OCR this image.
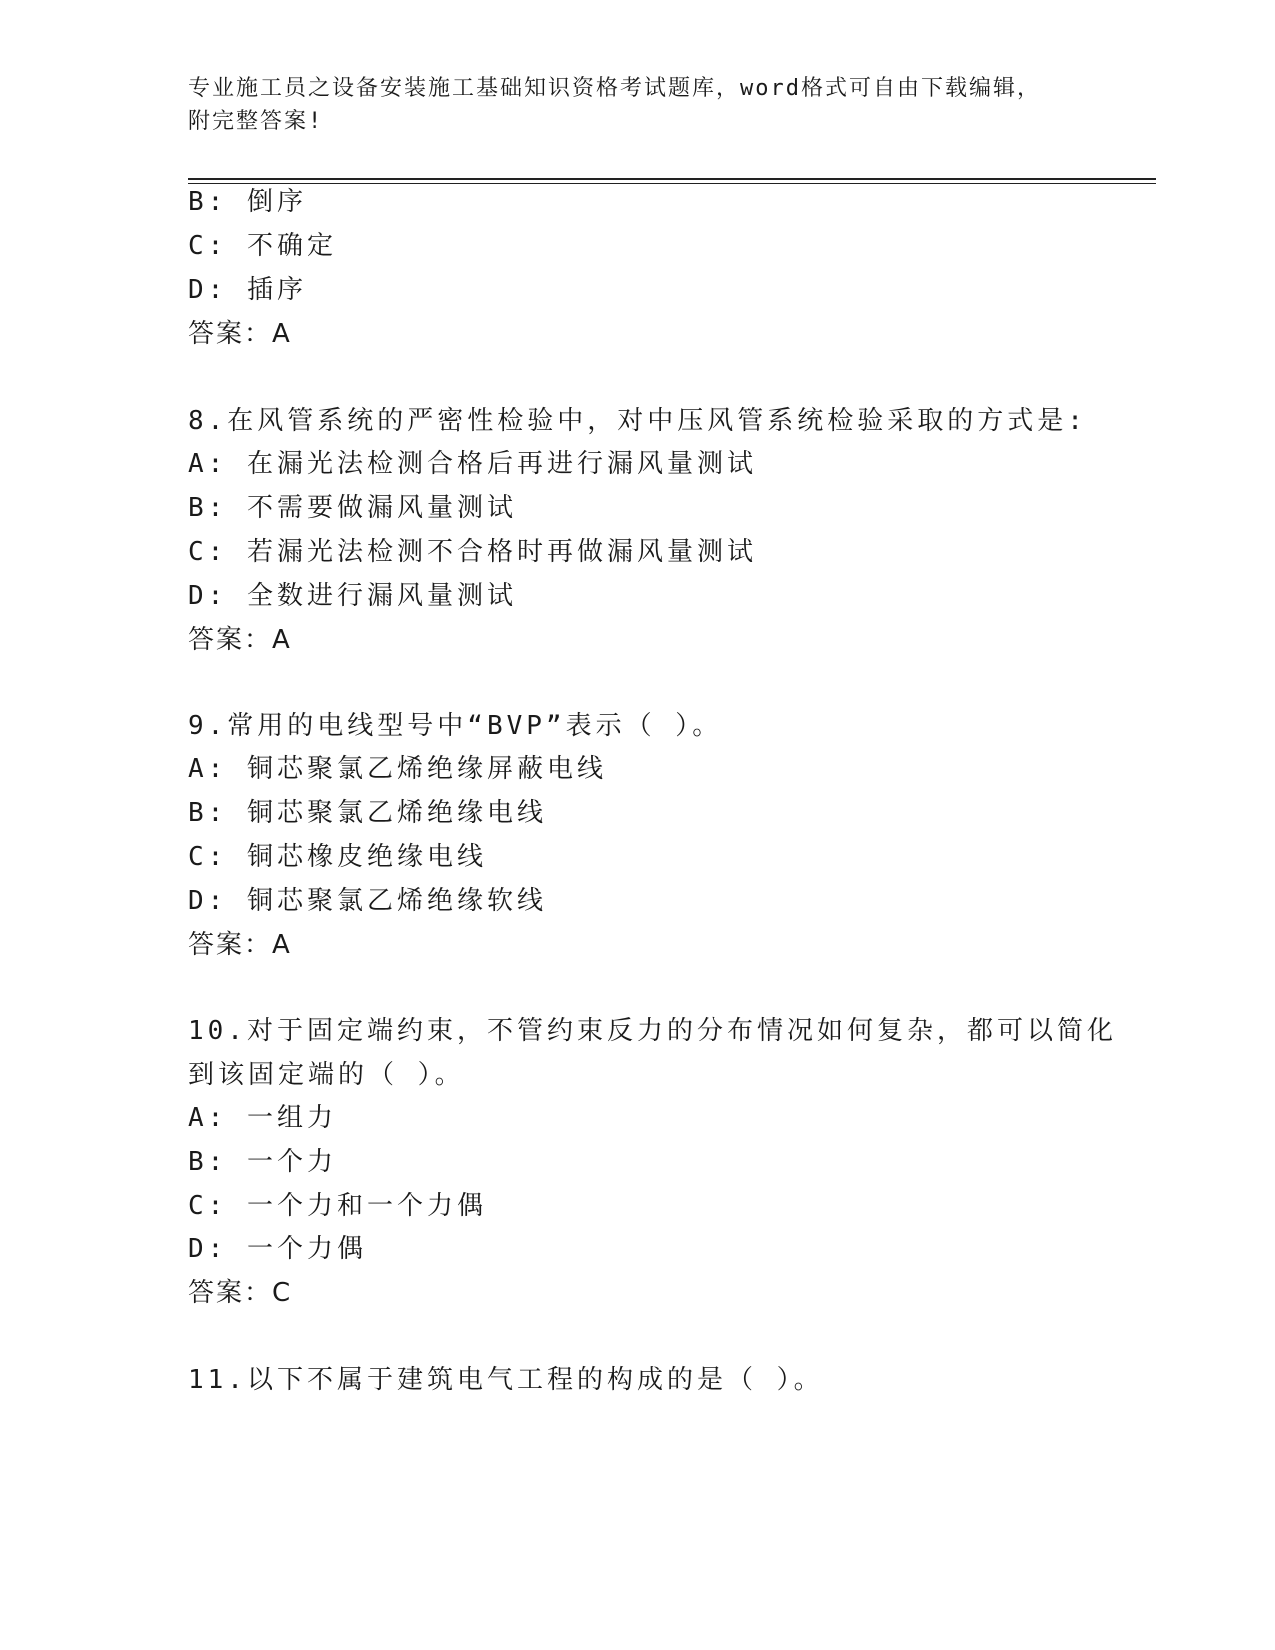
专业施工员之设备安装施工基础知识资格考试题库，word格式可自由下载编辑，
附完整答案!
B: 倒序
C: 不确定
D: 插序
答案：A
8.在风管系统的严密性检验中，对中压风管系统检验采取的方式是:
A: 在漏光法检测合格后再进行漏风量测试
B: 不需要做漏风量测试
C: 若漏光法检测不合格时再做漏风量测试
D: 全数进行漏风量测试
答案：A
9.常用的电线型号中“BVP”表示（ ）。
A: 铜芯聚氯乙烯绝缘屏蔽电线
B: 铜芯聚氯乙烯绝缘电线
C: 铜芯橡皮绝缘电线
D: 铜芯聚氯乙烯绝缘软线
答案：A
10.对于固定端约束，不管约束反力的分布情况如何复杂，都可以简化
到该固定端的（ ）。
A: 一组力
B: 一个力
C: 一个力和一个力偶
D: 一个力偶
答案：C
11.以下不属于建筑电气工程的构成的是（ ）。
